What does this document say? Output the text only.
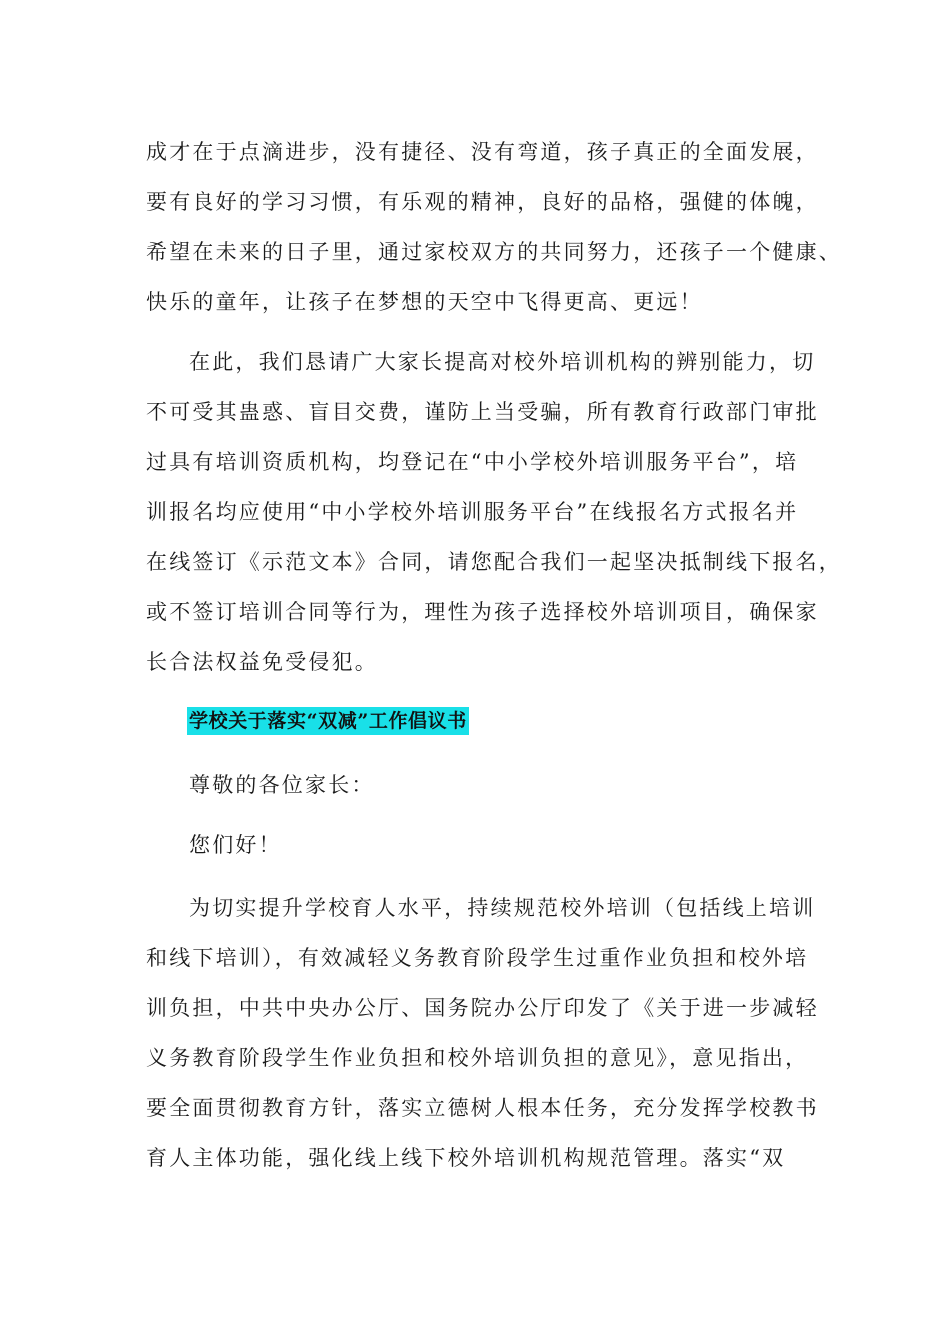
成才在于点滴进步，没有捷径、没有弯道，孩子真正的全面发展，
要有良好的学习习惯，有乐观的精神，良好的品格，强健的体魄，
希望在未来的日子里，通过家校双方的共同努力，还孩子一个健康、
快乐的童年，让孩子在梦想的天空中飞得更高、更远！
在此，我们恳请广大家长提高对校外培训机构的辨别能力，切
不可受其蛊惑、盲目交费，谨防上当受骗，所有教育行政部门审批
过具有培训资质机构，均登记在“中小学校外培训服务平台”，培
训报名均应使用“中小学校外培训服务平台”在线报名方式报名并
在线签订《示范文本》合同，请您配合我们一起坚决抵制线下报名，
或不签订培训合同等行为，理性为孩子选择校外培训项目，确保家
长合法权益免受侵犯。
学校关于落实“双减”工作倡议书
尊敬的各位家长：
您们好！
为切实提升学校育人水平，持续规范校外培训（包括线上培训
和线下培训），有效减轻义务教育阶段学生过重作业负担和校外培
训负担，中共中央办公厅、国务院办公厅印发了《关于进一步减轻
义务教育阶段学生作业负担和校外培训负担的意见》，意见指出，
要全面贯彻教育方针，落实立德树人根本任务，充分发挥学校教书
育人主体功能，强化线上线下校外培训机构规范管理。落实“双
